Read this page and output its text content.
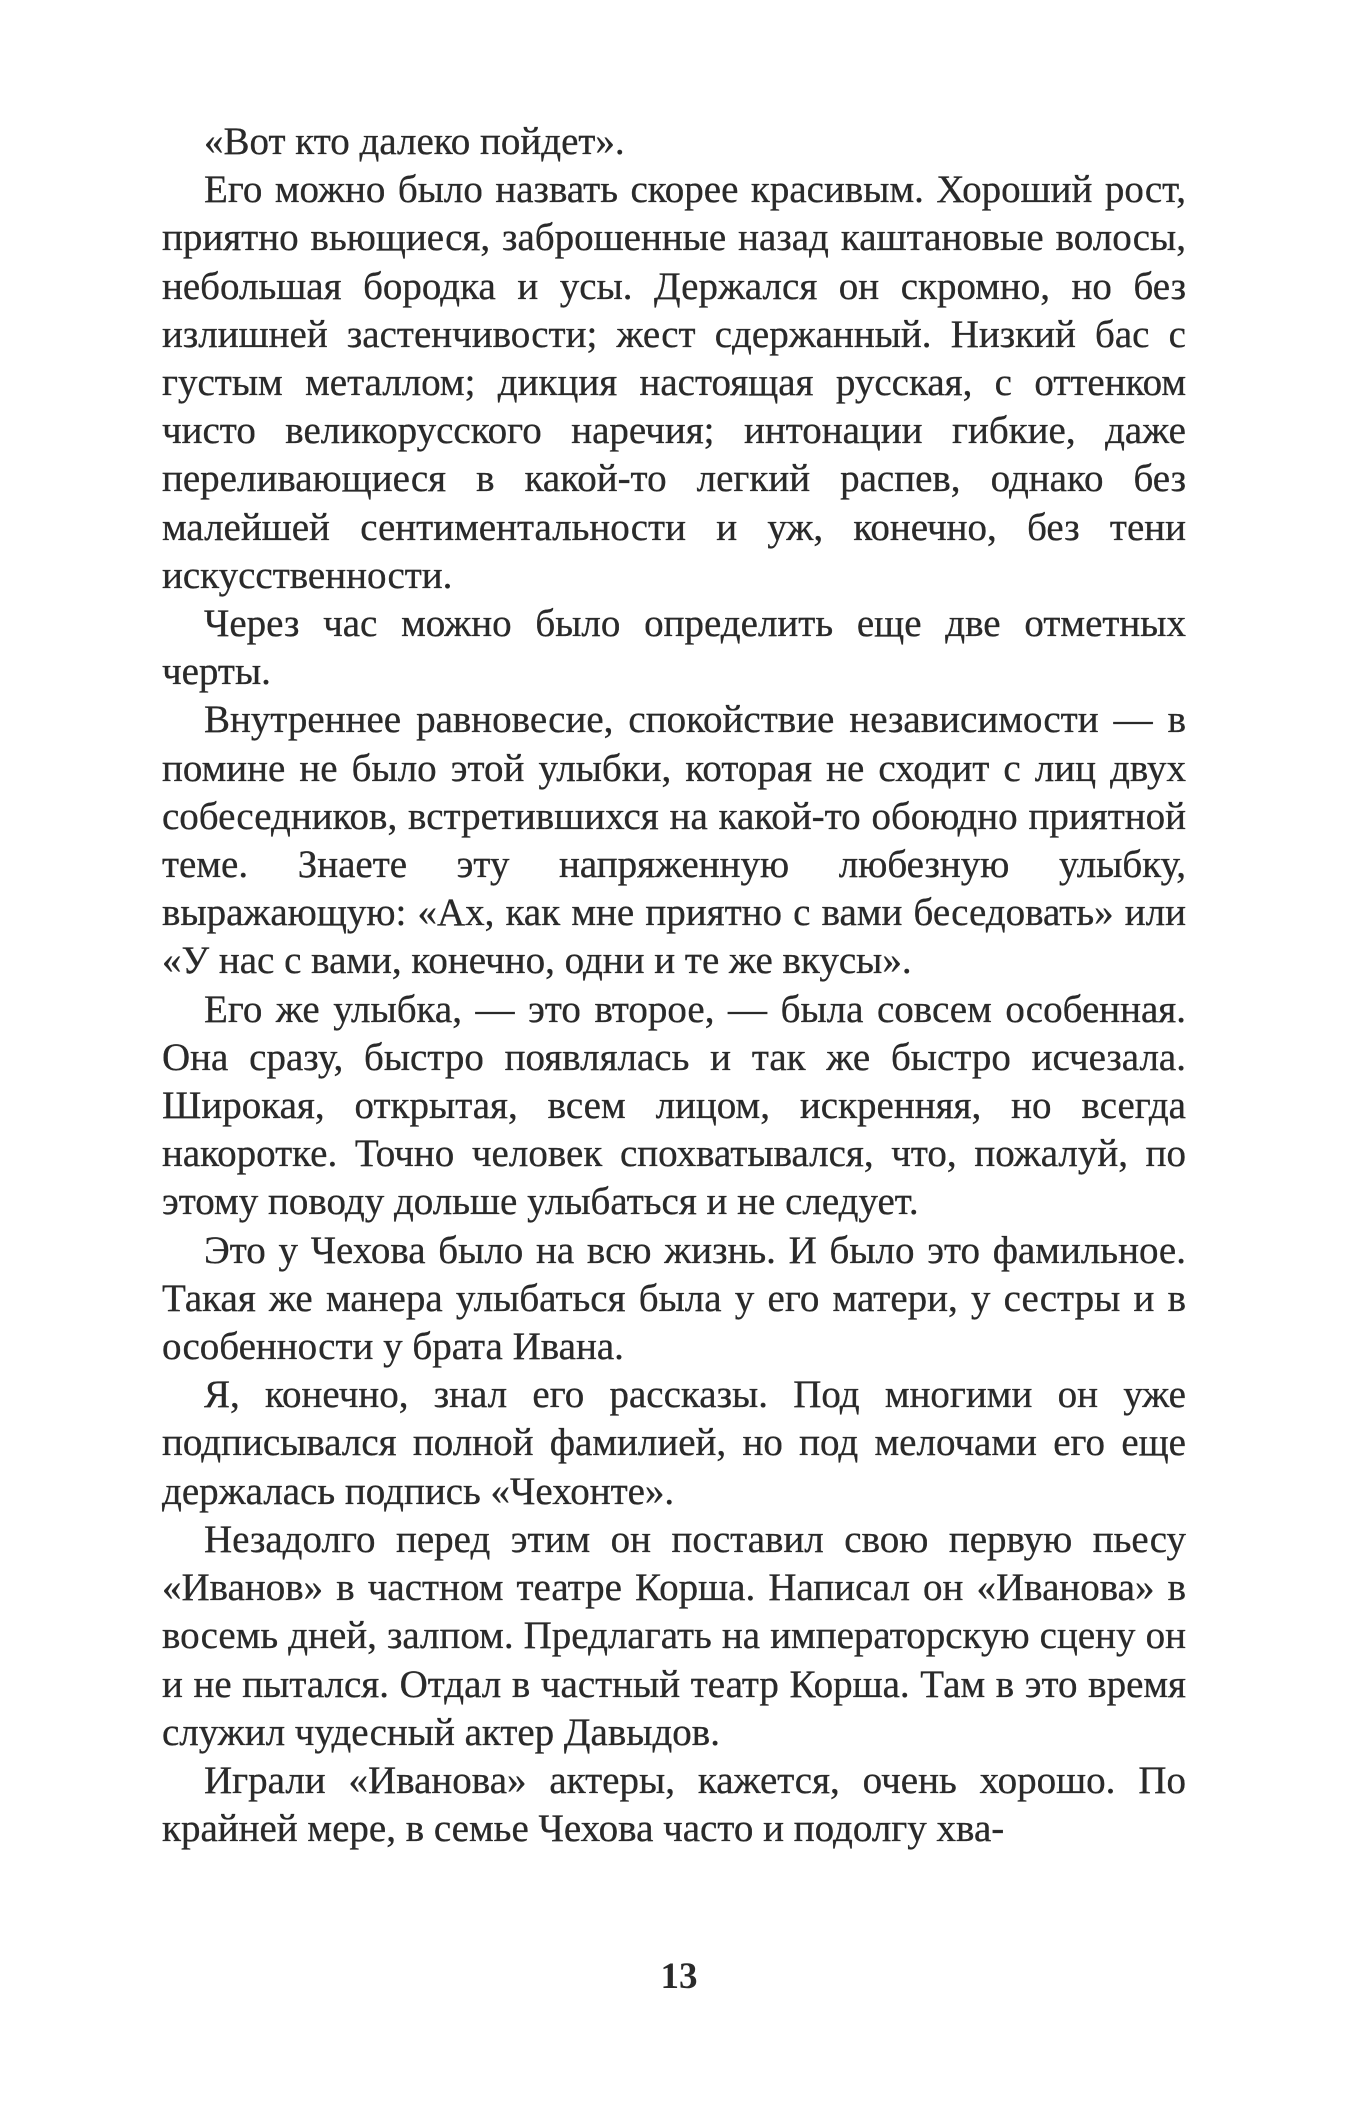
«Вот кто далеко пойдет».

Его можно было назвать скорее красивым. Хороший рост, приятно вьющиеся, заброшенные назад каштановые волосы, небольшая бородка и усы. Держался он скромно, но без излишней застенчивости; жест сдержанный. Низкий бас с густым металлом; дикция настоящая русская, с оттенком чисто великорусского наречия; интонации гибкие, даже переливающиеся в какой-то легкий распев, однако без малейшей сентиментальности и уж, конечно, без тени искусственности.

Через час можно было определить еще две отметных черты.

Внутреннее равновесие, спокойствие независимости — в помине не было этой улыбки, которая не сходит с лиц двух собеседников, встретившихся на какой-то обоюдно приятной теме. Знаете эту напряженную любезную улыбку, выражающую: «Ах, как мне приятно с вами беседовать» или «У нас с вами, конечно, одни и те же вкусы».

Его же улыбка, — это второе, — была совсем особенная. Она сразу, быстро появлялась и так же быстро исчезала. Широкая, открытая, всем лицом, искренняя, но всегда накоротке. Точно человек спохватывался, что, пожалуй, по этому поводу дольше улыбаться и не следует.

Это у Чехова было на всю жизнь. И было это фамильное. Такая же манера улыбаться была у его матери, у сестры и в особенности у брата Ивана.

Я, конечно, знал его рассказы. Под многими он уже подписывался полной фамилией, но под мелочами его еще держалась подпись «Чехонте».

Незадолго перед этим он поставил свою первую пьесу «Иванов» в частном театре Корша. Написал он «Иванова» в восемь дней, залпом. Предлагать на императорскую сцену он и не пытался. Отдал в частный театр Корша. Там в это время служил чудесный актер Давыдов.

Играли «Иванова» актеры, кажется, очень хорошо. По крайней мере, в семье Чехова часто и подолгу хва-

13
